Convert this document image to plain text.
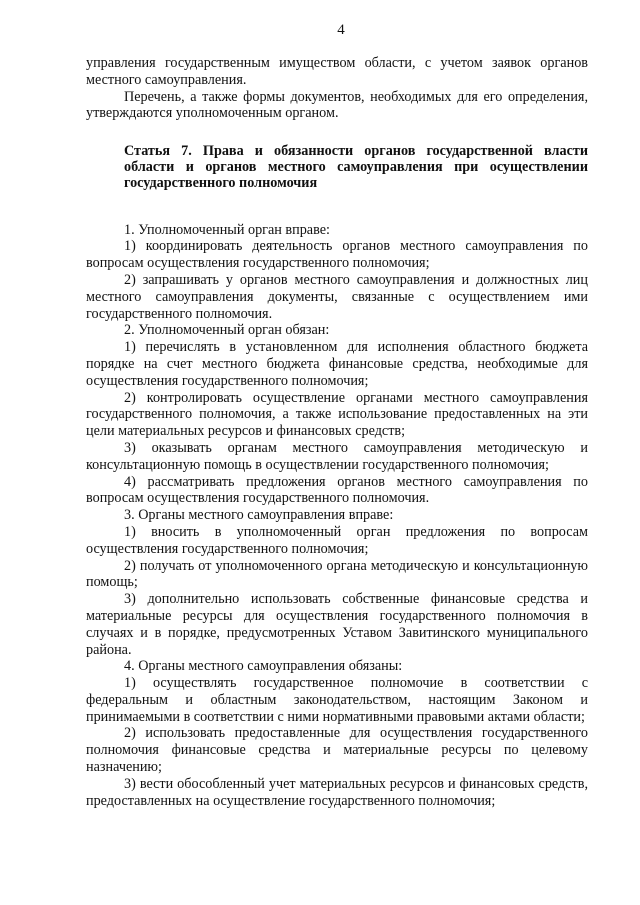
4

управления государственным имуществом области, с учетом заявок органов местного самоуправления.

Перечень, а также формы документов, необходимых для его определения, утверждаются уполномоченным органом.

Статья 7. Права и обязанности органов государственной власти области и органов местного самоуправления при осуществлении государственного полномочия

1. Уполномоченный орган вправе:

1) координировать деятельность органов местного самоуправления по вопросам осуществления государственного полномочия;

2) запрашивать у органов местного самоуправления и должностных лиц местного самоуправления документы, связанные с осуществлением ими государственного полномочия.

2. Уполномоченный орган обязан:

1) перечислять в установленном для исполнения областного бюджета порядке на счет местного бюджета финансовые средства, необходимые для осуществления государственного полномочия;

2) контролировать осуществление органами местного самоуправления государственного полномочия, а также использование предоставленных на эти цели материальных ресурсов и финансовых средств;

3) оказывать органам местного самоуправления методическую и консультационную помощь в осуществлении государственного полномочия;

4) рассматривать предложения органов местного самоуправления по вопросам осуществления государственного полномочия.

3. Органы местного самоуправления вправе:

1) вносить в уполномоченный орган предложения по вопросам осуществления государственного полномочия;

2) получать от уполномоченного органа методическую и консультационную помощь;

3) дополнительно использовать собственные финансовые средства и материальные ресурсы для осуществления государственного полномочия в случаях и в порядке, предусмотренных Уставом Завитинского муниципального района.

4. Органы местного самоуправления обязаны:

1) осуществлять государственное полномочие в соответствии с федеральным и областным законодательством, настоящим Законом и принимаемыми в соответствии с ними нормативными правовыми актами области;

2) использовать предоставленные для осуществления государственного полномочия финансовые средства и материальные ресурсы по целевому назначению;

3) вести обособленный учет материальных ресурсов и финансовых средств, предоставленных на осуществление государственного полномочия;
